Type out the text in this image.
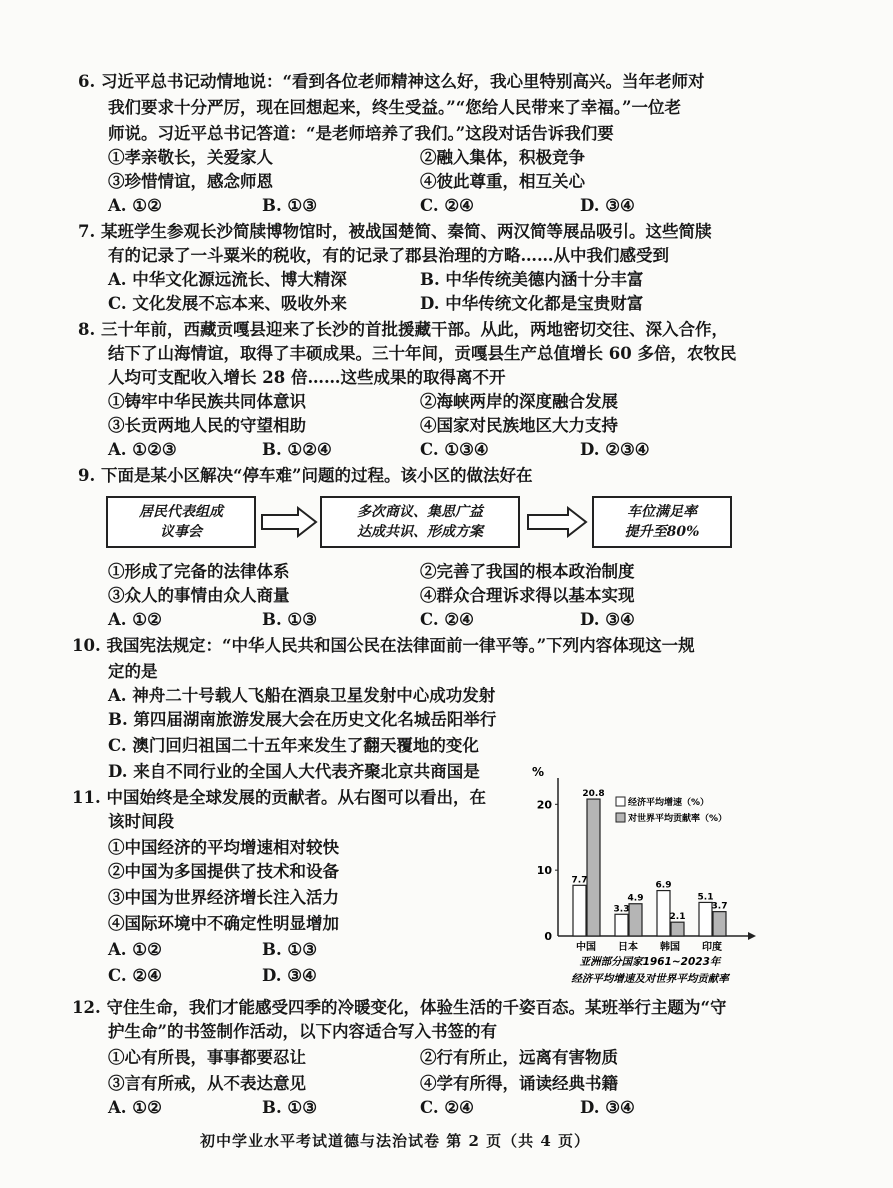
6. 习近平总书记动情地说：“看到各位老师精神这么好，我心里特别高兴。当年老师对
我们要求十分严厉，现在回想起来，终生受益。”“您给人民带来了幸福。”一位老
师说。习近平总书记答道：“是老师培养了我们。”这段对话告诉我们要
①孝亲敬长，关爱家人	②融入集体，积极竞争
③珍惜情谊，感念师恩	④彼此尊重，相互关心
A. ①②	B. ①③	C. ②④	D. ③④
7. 某班学生参观长沙简牍博物馆时，被战国楚简、秦简、两汉简等展品吸引。这些简牍
有的记录了一斗粟米的税收，有的记录了郡县治理的方略……从中我们感受到
A. 中华文化源远流长、博大精深	B. 中华传统美德内涵十分丰富
C. 文化发展不忘本来、吸收外来	D. 中华传统文化都是宝贵财富
8. 三十年前，西藏贡嘎县迎来了长沙的首批援藏干部。从此，两地密切交往、深入合作，
结下了山海情谊，取得了丰硕成果。三十年间，贡嘎县生产总值增长 60 多倍，农牧民
人均可支配收入增长 28 倍……这些成果的取得离不开
①铸牢中华民族共同体意识	②海峡两岸的深度融合发展
③长贡两地人民的守望相助	④国家对民族地区大力支持
A. ①②③	B. ①②④	C. ①③④	D. ②③④
9. 下面是某小区解决“停车难”问题的过程。该小区的做法好在
居民代表组成
议事会
多次商议、集思广益
达成共识、形成方案
车位满足率
提升至80%
①形成了完备的法律体系	②完善了我国的根本政治制度
③众人的事情由众人商量	④群众合理诉求得以基本实现
A. ①②	B. ①③	C. ②④	D. ③④
10. 我国宪法规定：“中华人民共和国公民在法律面前一律平等。”下列内容体现这一规
定的是
A. 神舟二十号载人飞船在酒泉卫星发射中心成功发射
B. 第四届湖南旅游发展大会在历史文化名城岳阳举行
C. 澳门回归祖国二十五年来发生了翻天覆地的变化
D. 来自不同行业的全国人大代表齐聚北京共商国是
11. 中国始终是全球发展的贡献者。从右图可以看出，在
该时间段
①中国经济的平均增速相对较快
②中国为多国提供了技术和设备
③中国为世界经济增长注入活力
④国际环境中不确定性明显增加
A. ①②	B. ①③
C. ②④	D. ③④
%
0
10
20
7.7
20.8
3.3
4.9
6.9
2.1
5.1
3.7
中国 日本 韩国 印度
经济平均增速（%）
对世界平均贡献率（%）
亚洲部分国家1961~2023年
经济平均增速及对世界平均贡献率
12. 守住生命，我们才能感受四季的冷暖变化，体验生活的千姿百态。某班举行主题为“守
护生命”的书签制作活动，以下内容适合写入书签的有
①心有所畏，事事都要忍让	②行有所止，远离有害物质
③言有所戒，从不表达意见	④学有所得，诵读经典书籍
A. ①②	B. ①③	C. ②④	D. ③④
初中学业水平考试道德与法治试卷 第 2 页（共 4 页）
